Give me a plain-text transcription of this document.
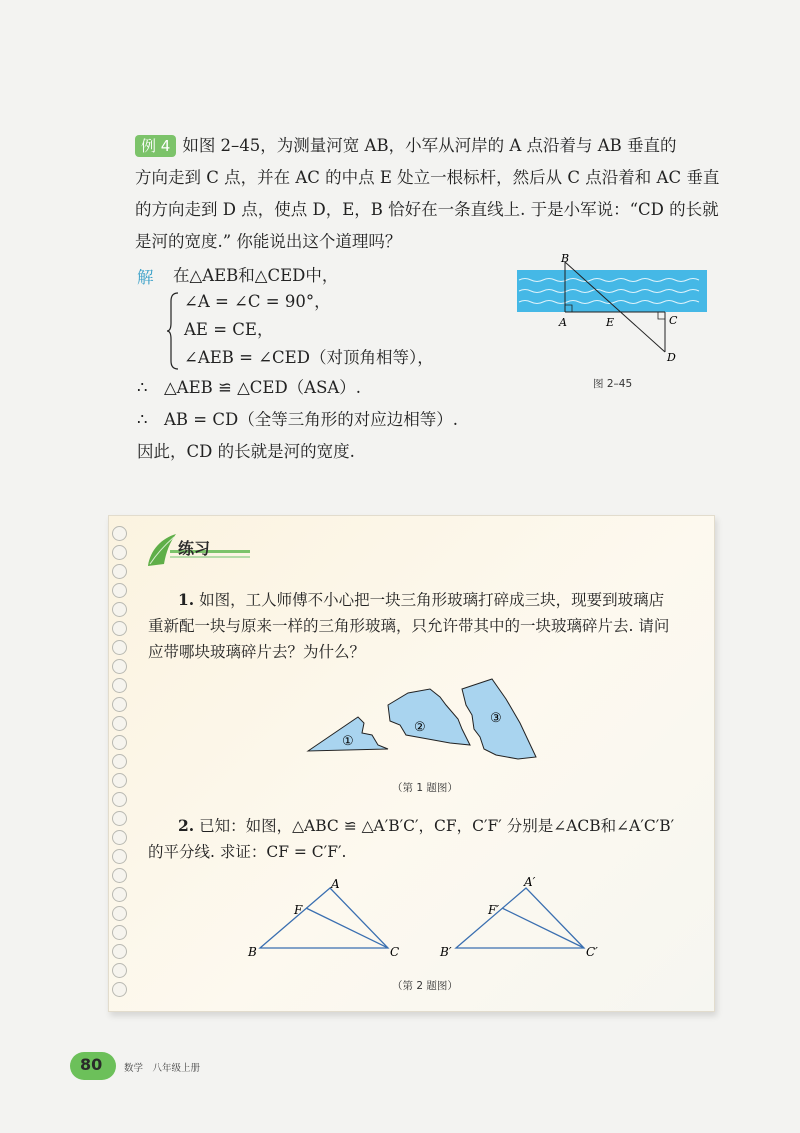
例 4 如图 2–45，为测量河宽 AB，小军从河岸的 A 点沿着与 AB 垂直的
方向走到 C 点，并在 AC 的中点 E 处立一根标杆，然后从 C 点沿着和 AC 垂直
的方向走到 D 点，使点 D，E，B 恰好在一条直线上. 于是小军说：“CD 的长就
是河的宽度.” 你能说出这个道理吗？
解 在△AEB和△CED中，
∠A = ∠C = 90°，
AE = CE，
∠AEB = ∠CED（对顶角相等），
∴　△AEB ≌ △CED（ASA）.
∴　AB = CD（全等三角形的对应边相等）.
因此，CD 的长就是河的宽度.
B
A	E	C
D
图 2–45
练习
1. 如图，工人师傅不小心把一块三角形玻璃打碎成三块，现要到玻璃店
重新配一块与原来一样的三角形玻璃，只允许带其中的一块玻璃碎片去. 请问
应带哪块玻璃碎片去？为什么？
①
②
③
（第 1 题图）
2. 已知：如图，△ABC ≌ △A′B′C′，CF，C′F′ 分别是∠ACB和∠A′C′B′
的平分线. 求证：CF = C′F′.
A
B	C
F
A′
B′	C′
F′
（第 2 题图）
80 数学　八年级上册
